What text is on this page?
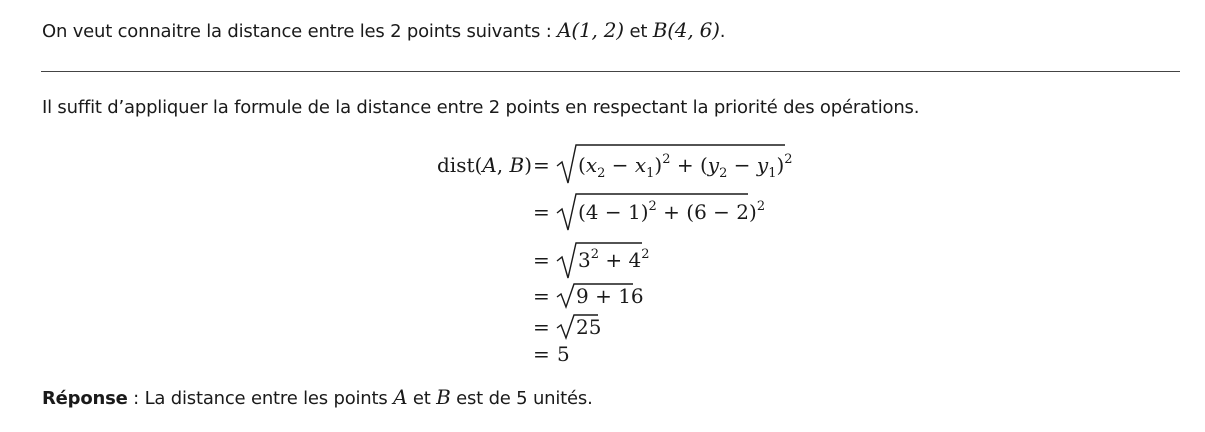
On veut connaitre la distance entre les 2 points suivants : A(1, 2) et B(4, 6).
Il suffit d’appliquer la formule de la distance entre 2 points en respectant la priorité des opérations.
dist(A, $B) = (x_2 - x_1)^2 + (y_2 - y_1)^2$
= $(4 - 1)^2 + (6 - 2)^2$
= $3^2 + 4^2$
= 9 + 16
= 25
= 5
Réponse : La distance entre les points A et B est de 5 unités.
